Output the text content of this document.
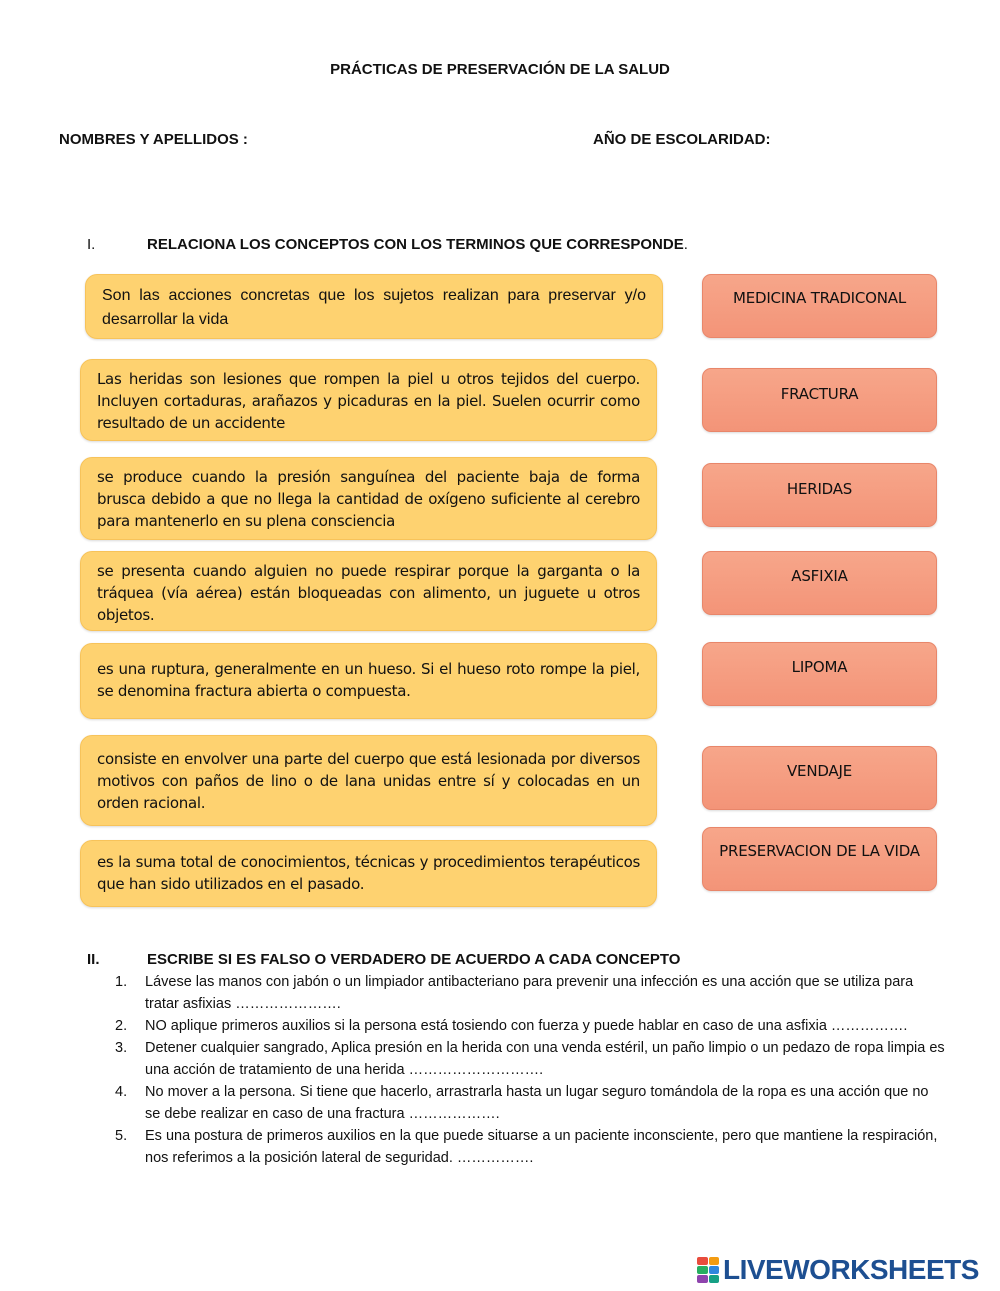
PRÁCTICAS DE PRESERVACIÓN DE LA SALUD
NOMBRES Y APELLIDOS :	AÑO DE ESCOLARIDAD:
I.	RELACIONA LOS CONCEPTOS CON LOS TERMINOS QUE CORRESPONDE.
Son las acciones concretas que los sujetos realizan para preservar y/o desarrollar la vida
Las heridas son lesiones que rompen la piel u otros tejidos del cuerpo. Incluyen cortaduras, arañazos y picaduras en la piel. Suelen ocurrir como resultado de un accidente
se produce cuando la presión sanguínea del paciente baja de forma brusca debido a que no llega la cantidad de oxígeno suficiente al cerebro para mantenerlo en su plena consciencia
se presenta cuando alguien no puede respirar porque la garganta o la tráquea (vía aérea) están bloqueadas con alimento, un juguete u otros objetos.
es una ruptura, generalmente en un hueso. Si el hueso roto rompe la piel, se denomina fractura abierta o compuesta.
consiste en envolver una parte del cuerpo que está lesionada por diversos motivos con paños de lino o de lana unidas entre sí y colocadas en un orden racional.
es la suma total de conocimientos, técnicas y procedimientos terapéuticos que han sido utilizados en el pasado.
MEDICINA TRADICONAL
FRACTURA
HERIDAS
ASFIXIA
LIPOMA
VENDAJE
PRESERVACION DE LA VIDA
II.	ESCRIBE SI ES FALSO O VERDADERO DE ACUERDO A CADA CONCEPTO
1.	Lávese las manos con jabón o un limpiador antibacteriano para prevenir una infección es una acción que se utiliza para tratar asfixias ………………….
2.	NO aplique primeros auxilios si la persona está tosiendo con fuerza y puede hablar en caso de una asfixia …………….
3.	Detener cualquier sangrado, Aplica presión en la herida con una venda estéril, un paño limpio o un pedazo de ropa limpia es una acción de tratamiento de una herida ……………………….
4.	No mover a la persona. Si tiene que hacerlo, arrastrarla hasta un lugar seguro tomándola de la ropa es una acción que no se debe realizar en caso de una fractura ……………….
5.	Es una postura de primeros auxilios en la que puede situarse a un paciente inconsciente, pero que mantiene la respiración, nos referimos a la posición lateral de seguridad. …………….
LIVEWORKSHEETS
